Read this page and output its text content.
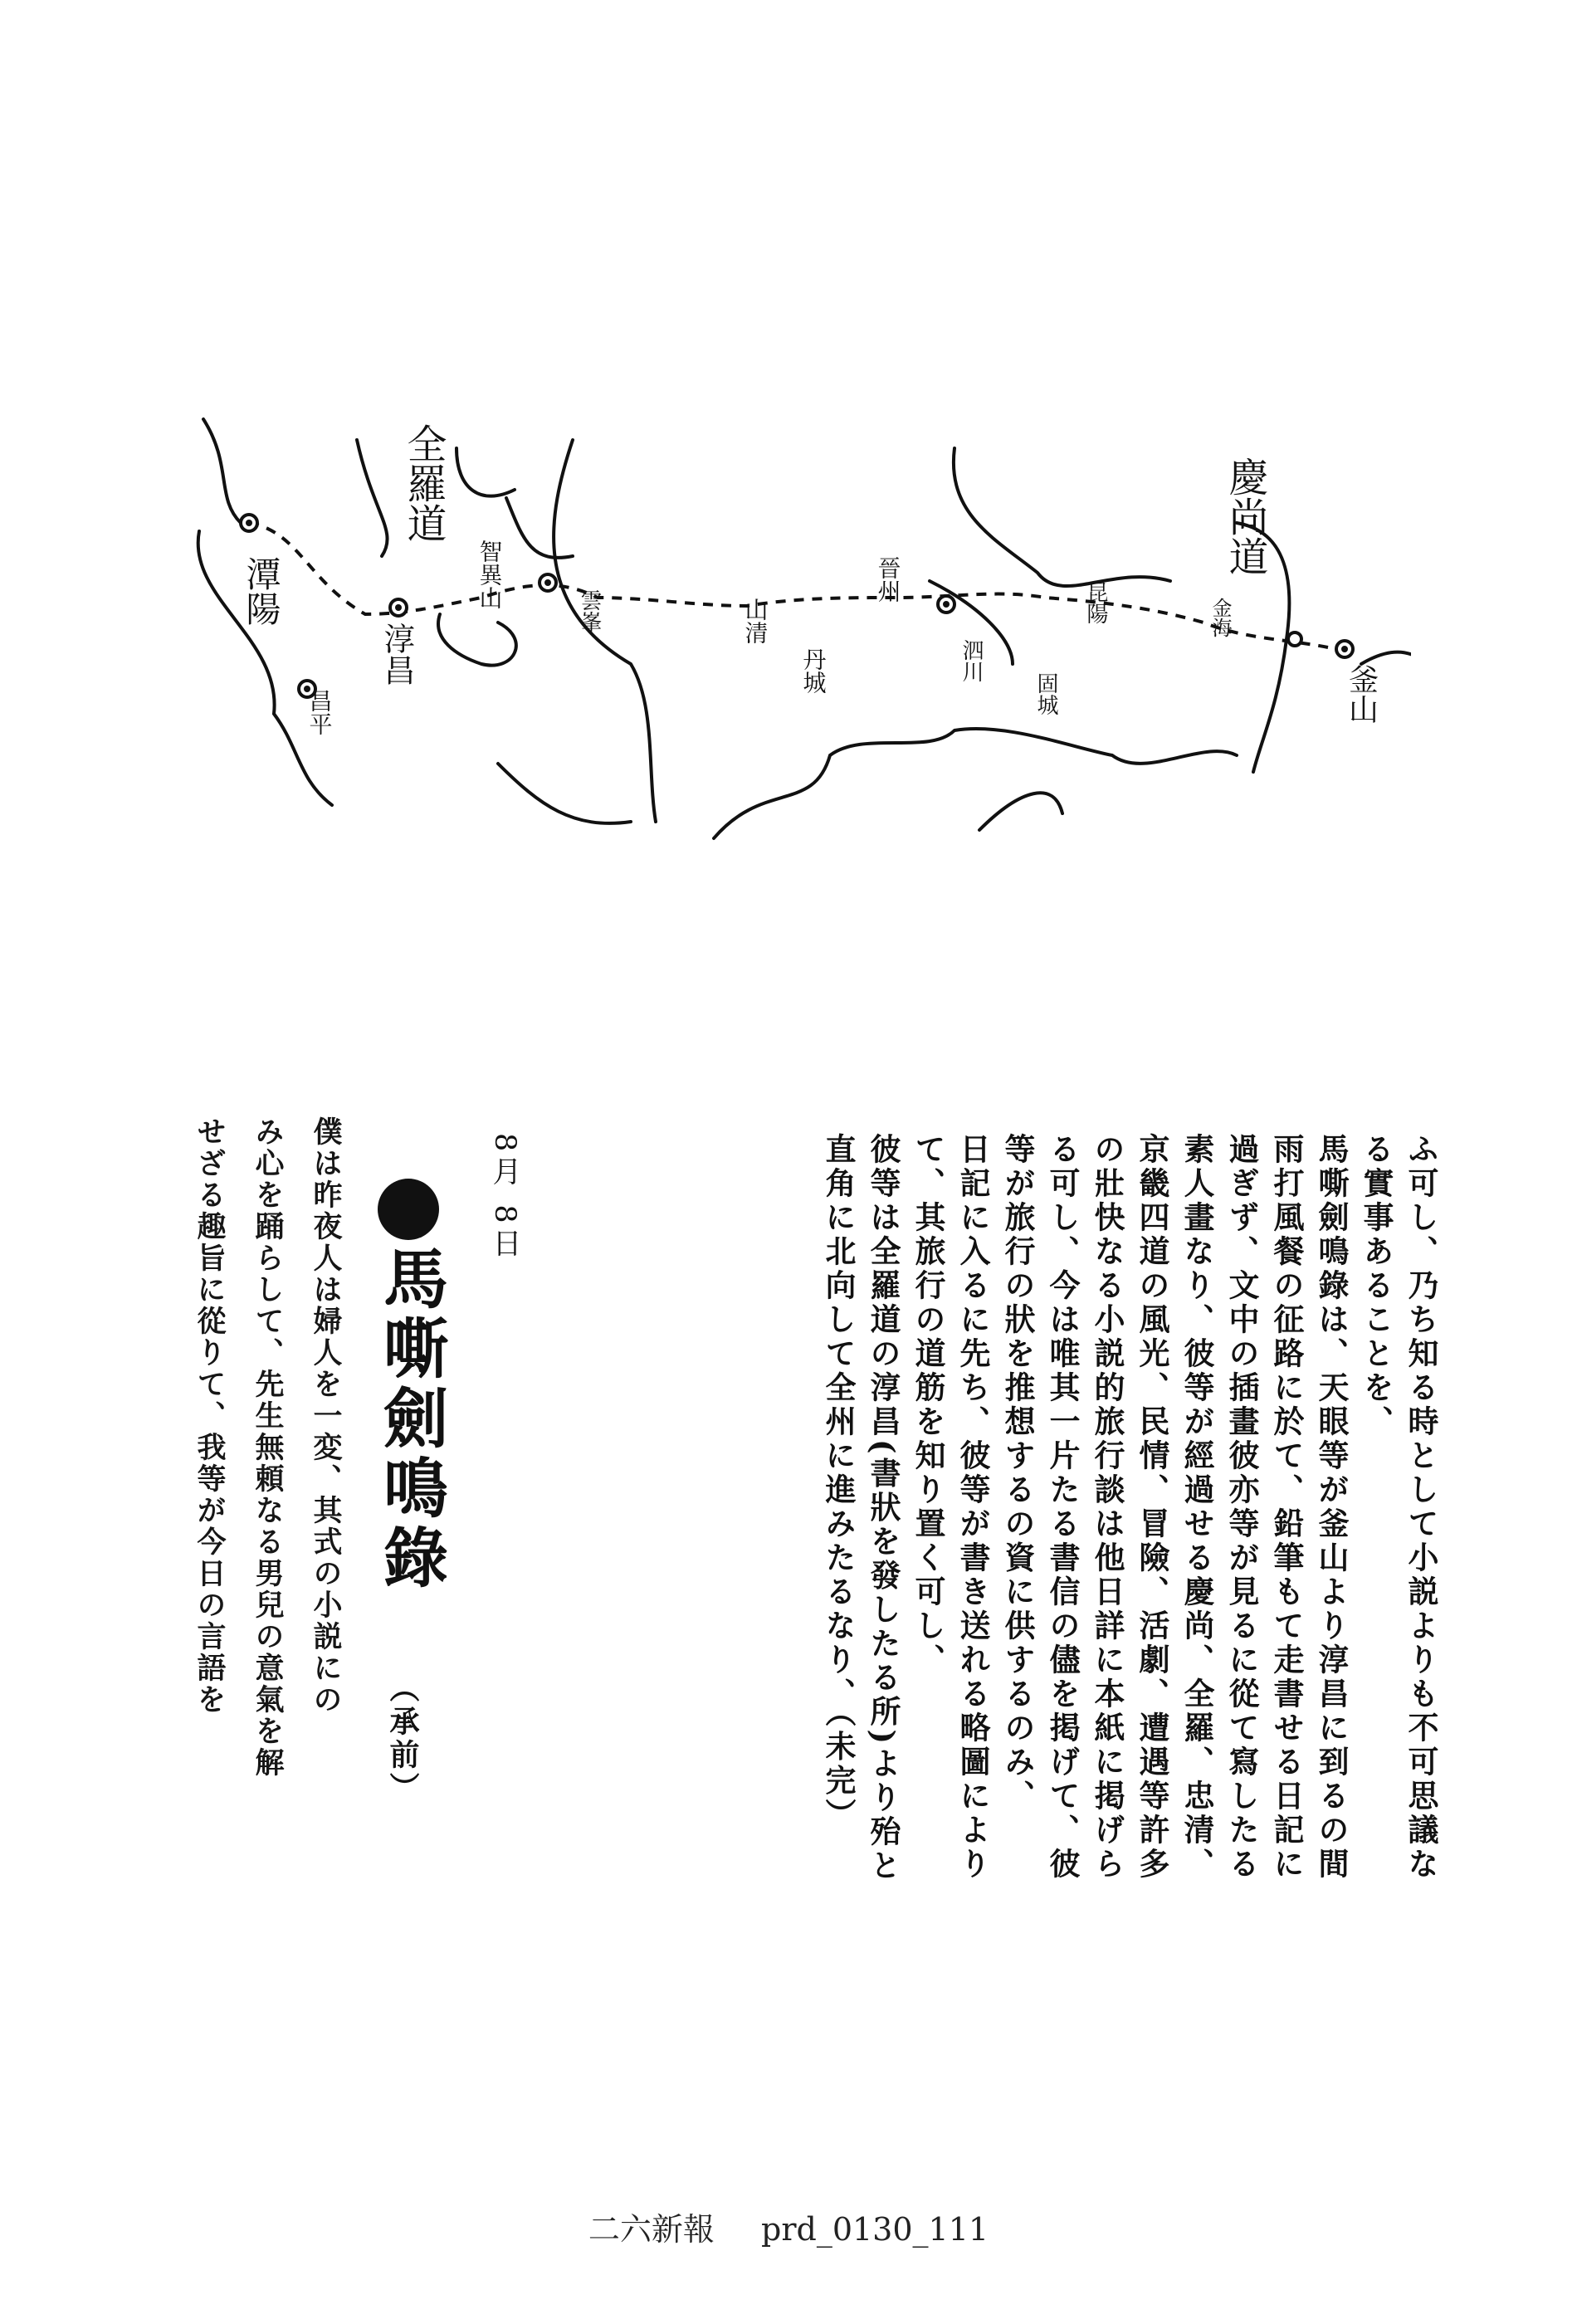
慶尚道
全羅道
潭陽
昌平
淳昌
雲峯	山清
丹城
晉州
泗川
昆陽
固城
金海
釜山
智異山
ふ可し、乃ち知る時として小説よりも不可思議な
る實事あることを、
馬嘶劍鳴錄は、天眼等が釜山より淳昌に到るの間
雨打風餐の征路に於て、鉛筆もて走書せる日記に
過ぎず、文中の插畫彼亦等が見るに從て寫したる
素人畫なり、彼等が經過せる慶尚、全羅、忠清、
京畿四道の風光、民情、冒險、活劇、遭遇等許多
の壯快なる小説的旅行談は他日詳に本紙に掲げら
る可し、今は唯其一片たる書信の儘を掲げて、彼
等が旅行の狀を推想するの資に供するのみ、
日記に入るに先ち、彼等が書き送れる略圖により
て、其旅行の道筋を知り置く可し、
彼等は全羅道の淳昌(書狀を發したる所)より殆と
直角に北向して全州に進みたるなり、（未完）
8月 8日
馬嘶劍鳴錄
（承前）
僕は昨夜人は婦人を一変、其式の小説にの
み心を踊らして、先生無頼なる男兒の意氣を解
せざる趣旨に從りて、我等が今日の言語を
二六新報 prd_0130_111
